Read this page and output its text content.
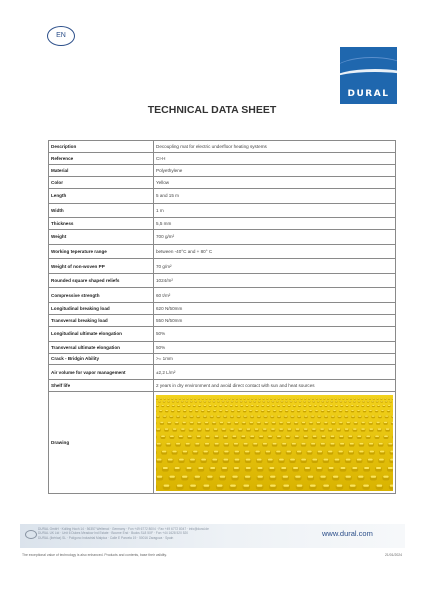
EN
DURAL
TECHNICAL DATA SHEET
Description	Decoupling mat for electric underfloor heating systems
Reference	CI-H
Material	Polyethylene
Color	Yellow
Length	5 and 15 m
Width	1 m
Thickness	5,5 mm
Weight	700 g/m²
Working teperature range	between -40°C and + 80° C
Weight of non-woven PP	70 g/m²
Rounded square shaped reliefs	1024/m²
Compressive strength	60 t/m²
Longitudinal breaking load	620 N/50mm
Transversal breaking load	550 N/50mm
Longitudinal ultimate elongation	50%
Transversal ultimate elongation	50%
Crack - Bridgin Ability	>= 1mm
Air volume for vapor management	±2,2 L/m²
Shelf life	2 years in dry environment and avoid direct contact with sun and heat sources
Drawing	
DURAL GmbH · Kolling Hoch 14 · 56357 Welterod · Germany · Fon +49 6772 8004 · Fax +49 6772 8047 · info@dural.de
DURAL UK Ltd · Unit 6 Dukes Meadow Ind Estate · Bourne End · Bucks SL8 5XF · Fon +44 1628 520 520
DURAL (Ibérica) SL · Polígono Industrial Malpica · Calle E Parcela 19 · 50016 Zaragoza · Spain	www.dural.com
The exceptional value of technology is also enhanced. Products and contents, base their validity.	21/01/2024
